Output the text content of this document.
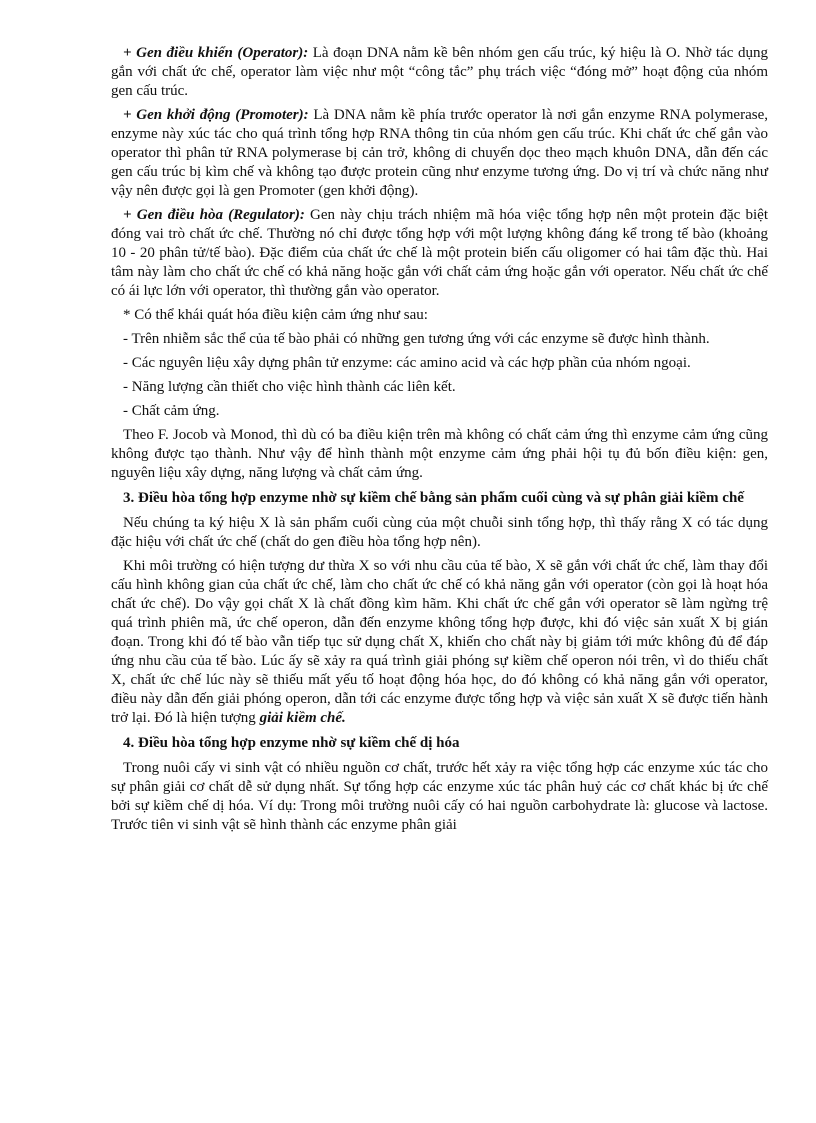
+ Gen điều khiển (Operator): Là đoạn DNA nằm kề bên nhóm gen cấu trúc, ký hiệu là O. Nhờ tác dụng gắn với chất ức chế, operator làm việc như một “công tắc” phụ trách việc “đóng mở” hoạt động của nhóm gen cấu trúc.

+ Gen khởi động (Promoter): Là DNA nằm kề phía trước operator là nơi gắn enzyme RNA polymerase, enzyme này xúc tác cho quá trình tổng hợp RNA thông tin của nhóm gen cấu trúc. Khi chất ức chế gắn vào operator thì phân tử RNA polymerase bị cản trở, không di chuyển dọc theo mạch khuôn DNA, dẫn đến các gen cấu trúc bị kìm chế và không tạo được protein cũng như enzyme tương ứng. Do vị trí và chức năng như vậy nên được gọi là gen Promoter (gen khởi động).

+ Gen điều hòa (Regulator): Gen này chịu trách nhiệm mã hóa việc tổng hợp nên một protein đặc biệt đóng vai trò chất ức chế. Thường nó chỉ được tổng hợp với một lượng không đáng kể trong tế bào (khoảng 10 - 20 phân tử/tế bào). Đặc điểm của chất ức chế là một protein biến cấu oligomer có hai tâm đặc thù. Hai tâm này làm cho chất ức chế có khả năng hoặc gắn với chất cảm ứng hoặc gắn với operator. Nếu chất ức chế có ái lực lớn với operator, thì thường gắn vào operator.

* Có thể khái quát hóa điều kiện cảm ứng như sau:

- Trên nhiễm sắc thể của tế bào phải có những gen tương ứng với các enzyme sẽ được hình thành.

- Các nguyên liệu xây dựng phân tử enzyme: các amino acid và các hợp phần của nhóm ngoại.

- Năng lượng cần thiết cho việc hình thành các liên kết.

- Chất cảm ứng.

Theo F. Jocob và Monod, thì dù có ba điều kiện trên mà không có chất cảm ứng thì enzyme cảm ứng cũng không được tạo thành. Như vậy để hình thành một enzyme cảm ứng phải hội tụ đủ bốn điều kiện: gen, nguyên liệu xây dựng, năng lượng và chất cảm ứng.

3. Điều hòa tổng hợp enzyme nhờ sự kiềm chế bằng sản phẩm cuối cùng và sự phân giải kiềm chế

Nếu chúng ta ký hiệu X là sản phẩm cuối cùng của một chuỗi sinh tổng hợp, thì thấy rằng X có tác dụng đặc hiệu với chất ức chế (chất do gen điều hòa tổng hợp nên).

Khi môi trường có hiện tượng dư thừa X so với nhu cầu của tế bào, X sẽ gắn với chất ức chế, làm thay đổi cấu hình không gian của chất ức chế, làm cho chất ức chế có khả năng gắn với operator (còn gọi là hoạt hóa chất ức chế). Do vậy gọi chất X là chất đồng kìm hãm. Khi chất ức chế gắn với operator sẽ làm ngừng trệ quá trình phiên mã, ức chế operon, dẫn đến enzyme không tổng hợp được, khi đó việc sản xuất X bị gián đoạn. Trong khi đó tế bào vẫn tiếp tục sử dụng chất X, khiến cho chất này bị giảm tới mức không đủ để đáp ứng nhu cầu của tế bào. Lúc ấy sẽ xảy ra quá trình giải phóng sự kiềm chế operon nói trên, vì do thiếu chất X, chất ức chế lúc này sẽ thiếu mất yếu tố hoạt động hóa học, do đó không có khả năng gắn với operator, điều này dẫn đến giải phóng operon, dẫn tới các enzyme được tổng hợp và việc sản xuất X sẽ được tiến hành trở lại. Đó là hiện tượng giải kiềm chế.

4. Điều hòa tổng hợp enzyme nhờ sự kiềm chế dị hóa

Trong nuôi cấy vi sinh vật có nhiều nguồn cơ chất, trước hết xảy ra việc tổng hợp các enzyme xúc tác cho sự phân giải cơ chất dễ sử dụng nhất. Sự tổng hợp các enzyme xúc tác phân huỷ các cơ chất khác bị ức chế bởi sự kiềm chế dị hóa. Ví dụ: Trong môi trường nuôi cấy có hai nguồn carbohydrate là: glucose và lactose. Trước tiên vi sinh vật sẽ hình thành các enzyme phân giải
